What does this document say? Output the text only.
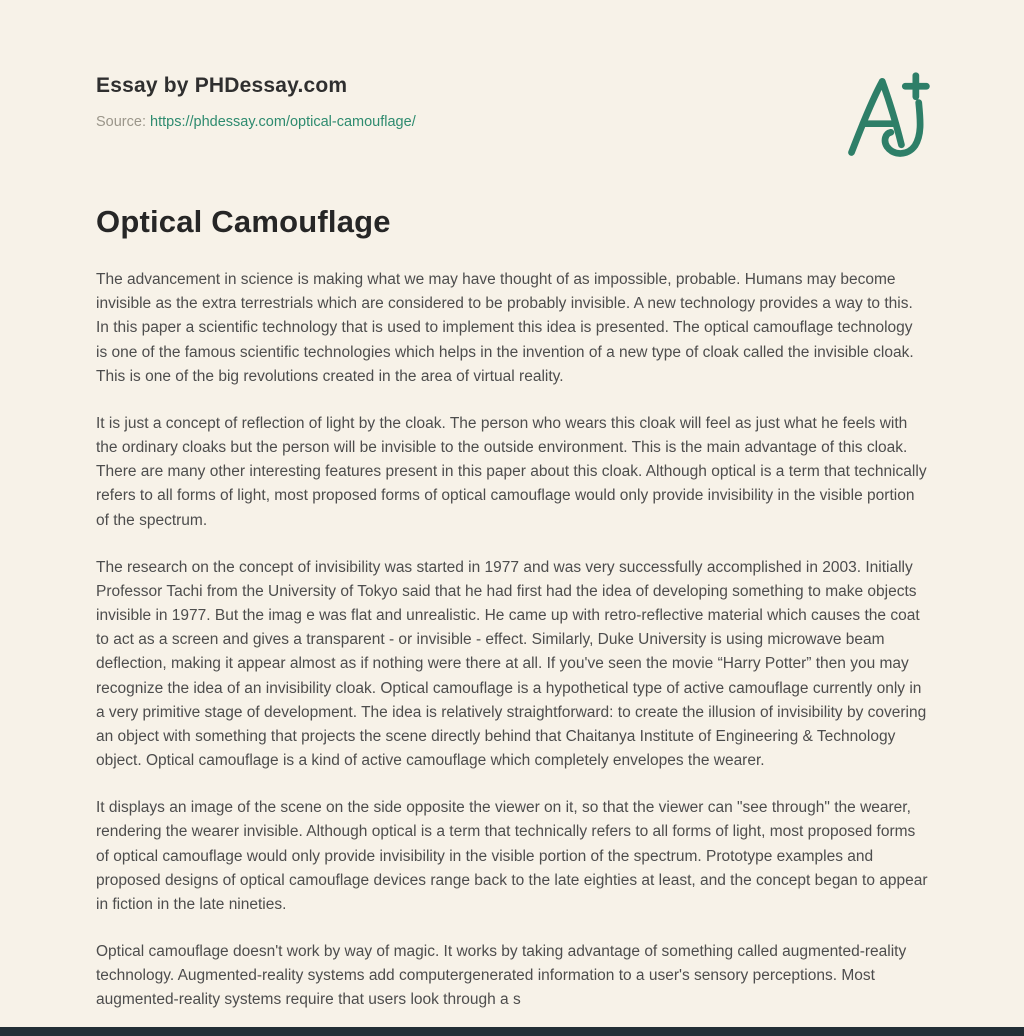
Essay by PHDessay.com

Source: https://phdessay.com/optical-camouflage/

Optical Camouflage

The advancement in science is making what we may have thought of as impossible, probable. Humans may become invisible as the extra terrestrials which are considered to be probably invisible. A new technology provides a way to this. In this paper a scientific technology that is used to implement this idea is presented. The optical camouflage technology is one of the famous scientific technologies which helps in the invention of a new type of cloak called the invisible cloak. This is one of the big revolutions created in the area of virtual reality.

It is just a concept of reflection of light by the cloak. The person who wears this cloak will feel as just what he feels with the ordinary cloaks but the person will be invisible to the outside environment. This is the main advantage of this cloak. There are many other interesting features present in this paper about this cloak. Although optical is a term that technically refers to all forms of light, most proposed forms of optical camouflage would only provide invisibility in the visible portion of the spectrum.

The research on the concept of invisibility was started in 1977 and was very successfully accomplished in 2003. Initially Professor Tachi from the University of Tokyo said that he had first had the idea of developing something to make objects invisible in 1977. But the imag e was flat and unrealistic. He came up with retro-reflective material which causes the coat to act as a screen and gives a transparent - or invisible - effect. Similarly, Duke University is using microwave beam deflection, making it appear almost as if nothing were there at all. If you've seen the movie “Harry Potter” then you may recognize the idea of an invisibility cloak. Optical camouflage is a hypothetical type of active camouflage currently only in a very primitive stage of development. The idea is relatively straightforward: to create the illusion of invisibility by covering an object with something that projects the scene directly behind that Chaitanya Institute of Engineering & Technology object. Optical camouflage is a kind of active camouflage which completely envelopes the wearer.

It displays an image of the scene on the side opposite the viewer on it, so that the viewer can "see through" the wearer, rendering the wearer invisible. Although optical is a term that technically refers to all forms of light, most proposed forms of optical camouflage would only provide invisibility in the visible portion of the spectrum. Prototype examples and proposed designs of optical camouflage devices range back to the late eighties at least, and the concept began to appear in fiction in the late nineties.

Optical camouflage doesn't work by way of magic. It works by taking advantage of something called augmented-reality technology. Augmented-reality systems add computergenerated information to a user's sensory perceptions. Most augmented-reality systems require that users look through a s
